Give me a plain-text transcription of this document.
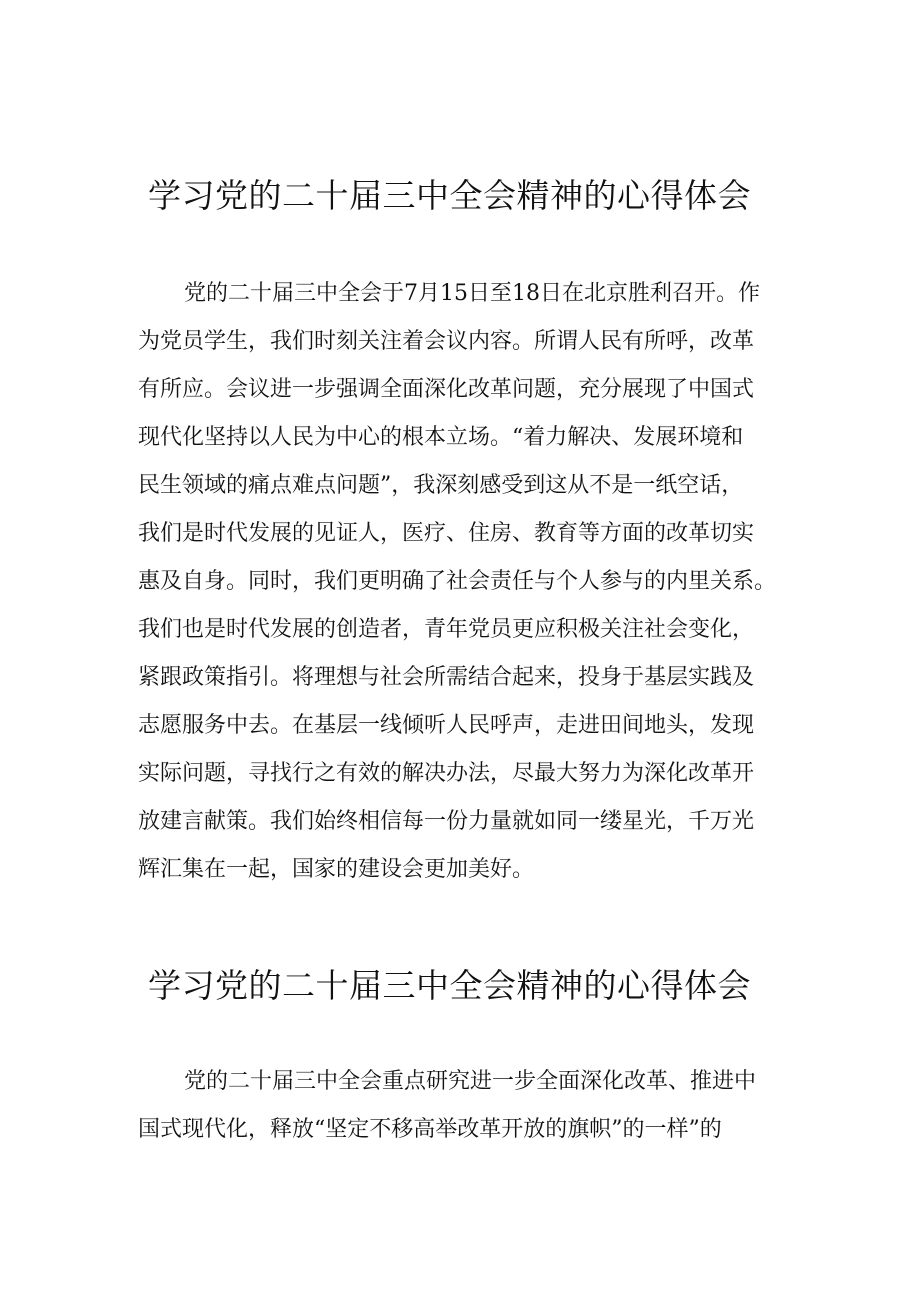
学习党的二十届三中全会精神的心得体会
党的二十届三中全会于7月15日至18日在北京胜利召开。作
为党员学生，我们时刻关注着会议内容。所谓人民有所呼，改革
有所应。会议进一步强调全面深化改革问题，充分展现了中国式
现代化坚持以人民为中心的根本立场。“着力解决、发展环境和
民生领域的痛点难点问题”，我深刻感受到这从不是一纸空话，
我们是时代发展的见证人，医疗、住房、教育等方面的改革切实
惠及自身。同时，我们更明确了社会责任与个人参与的内里关系。
我们也是时代发展的创造者，青年党员更应积极关注社会变化，
紧跟政策指引。将理想与社会所需结合起来，投身于基层实践及
志愿服务中去。在基层一线倾听人民呼声，走进田间地头，发现
实际问题，寻找行之有效的解决办法，尽最大努力为深化改革开
放建言献策。我们始终相信每一份力量就如同一缕星光，千万光
辉汇集在一起，国家的建设会更加美好。
学习党的二十届三中全会精神的心得体会
党的二十届三中全会重点研究进一步全面深化改革、推进中
国式现代化，释放“坚定不移高举改革开放的旗帜”的一样”的
